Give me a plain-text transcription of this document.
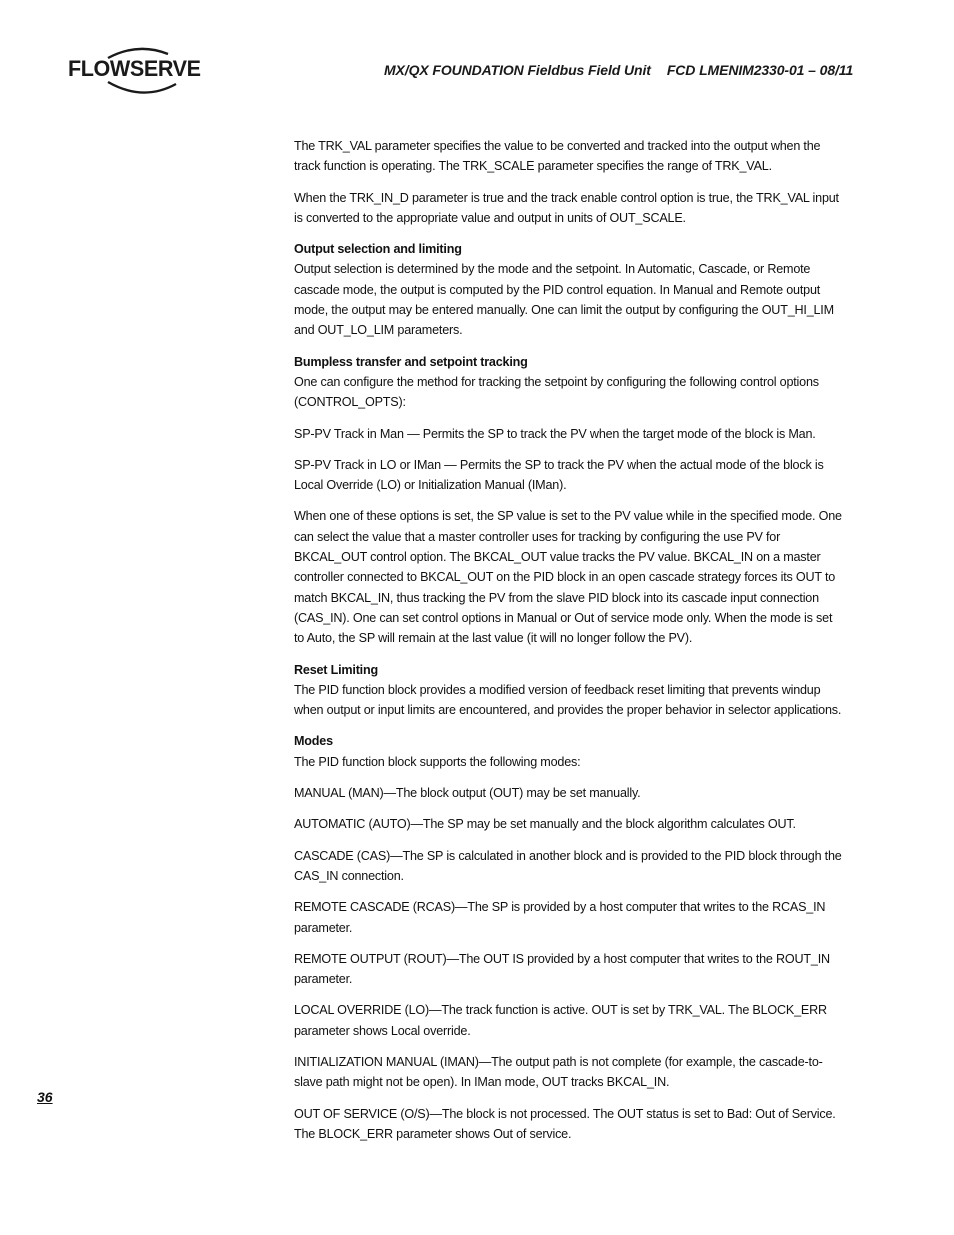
FLOWSERVE	MX/QX FOUNDATION Fieldbus Field Unit FCD LMENIM2330-01 – 08/11

The TRK_VAL parameter specifies the value to be converted and tracked into the output when the track function is operating. The TRK_SCALE parameter specifies the range of TRK_VAL.

When the TRK_IN_D parameter is true and the track enable control option is true, the TRK_VAL input is converted to the appropriate value and output in units of OUT_SCALE.

Output selection and limiting

Output selection is determined by the mode and the setpoint. In Automatic, Cascade, or Remote cascade mode, the output is computed by the PID control equation. In Manual and Remote output mode, the output may be entered manually. One can limit the output by configuring the OUT_HI_LIM and OUT_LO_LIM parameters.

Bumpless transfer and setpoint tracking

One can configure the method for tracking the setpoint by configuring the following control options (CONTROL_OPTS):

SP-PV Track in Man — Permits the SP to track the PV when the target mode of the block is Man.

SP-PV Track in LO or IMan — Permits the SP to track the PV when the actual mode of the block is Local Override (LO) or Initialization Manual (IMan).

When one of these options is set, the SP value is set to the PV value while in the specified mode. One can select the value that a master controller uses for tracking by configuring the use PV for BKCAL_OUT control option. The BKCAL_OUT value tracks the PV value. BKCAL_IN on a master controller connected to BKCAL_OUT on the PID block in an open cascade strategy forces its OUT to match BKCAL_IN, thus tracking the PV from the slave PID block into its cascade input connection (CAS_IN). One can set control options in Manual or Out of service mode only. When the mode is set to Auto, the SP will remain at the last value (it will no longer follow the PV).

Reset Limiting

The PID function block provides a modified version of feedback reset limiting that prevents windup when output or input limits are encountered, and provides the proper behavior in selector applications.

Modes

The PID function block supports the following modes:

MANUAL (MAN)—The block output (OUT) may be set manually.

AUTOMATIC (AUTO)—The SP may be set manually and the block algorithm calculates OUT.

CASCADE (CAS)—The SP is calculated in another block and is provided to the PID block through the CAS_IN connection.

REMOTE CASCADE (RCAS)—The SP is provided by a host computer that writes to the RCAS_IN parameter.

REMOTE OUTPUT (ROUT)—The OUT IS provided by a host computer that writes to the ROUT_IN parameter.

LOCAL OVERRIDE (LO)—The track function is active. OUT is set by TRK_VAL. The BLOCK_ERR parameter shows Local override.

INITIALIZATION MANUAL (IMAN)—The output path is not complete (for example, the cascade-to-slave path might not be open). In IMan mode, OUT tracks BKCAL_IN.

OUT OF SERVICE (O/S)—The block is not processed. The OUT status is set to Bad: Out of Service. The BLOCK_ERR parameter shows Out of service.

36
